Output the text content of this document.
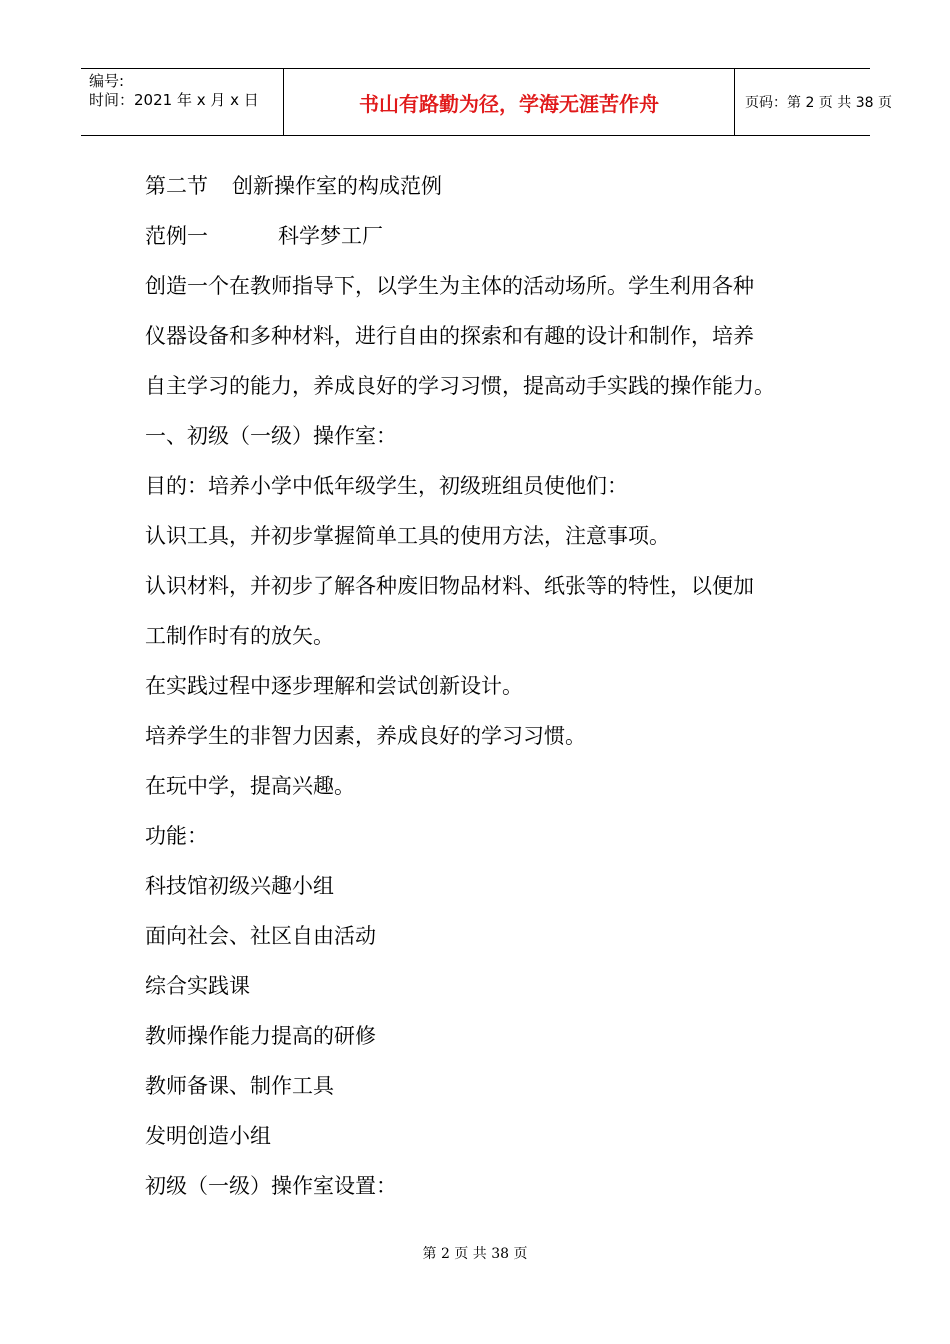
编号:
时间：2021 年 x 月 x 日	书山有路勤为径，学海无涯苦作舟	页码：第 2 页 共 38 页
第二节 创新操作室的构成范例
范例一	科学梦工厂
创造一个在教师指导下，以学生为主体的活动场所。学生利用各种
仪器设备和多种材料，进行自由的探索和有趣的设计和制作，培养
自主学习的能力，养成良好的学习习惯，提高动手实践的操作能力。
一、初级（一级）操作室：
目的：培养小学中低年级学生，初级班组员使他们：
认识工具，并初步掌握简单工具的使用方法，注意事项。
认识材料，并初步了解各种废旧物品材料、纸张等的特性，以便加
工制作时有的放矢。
在实践过程中逐步理解和尝试创新设计。
培养学生的非智力因素，养成良好的学习习惯。
在玩中学，提高兴趣。
功能：
科技馆初级兴趣小组
面向社会、社区自由活动
综合实践课
教师操作能力提高的研修
教师备课、制作工具
发明创造小组
初级（一级）操作室设置：
第 2 页 共 38 页
